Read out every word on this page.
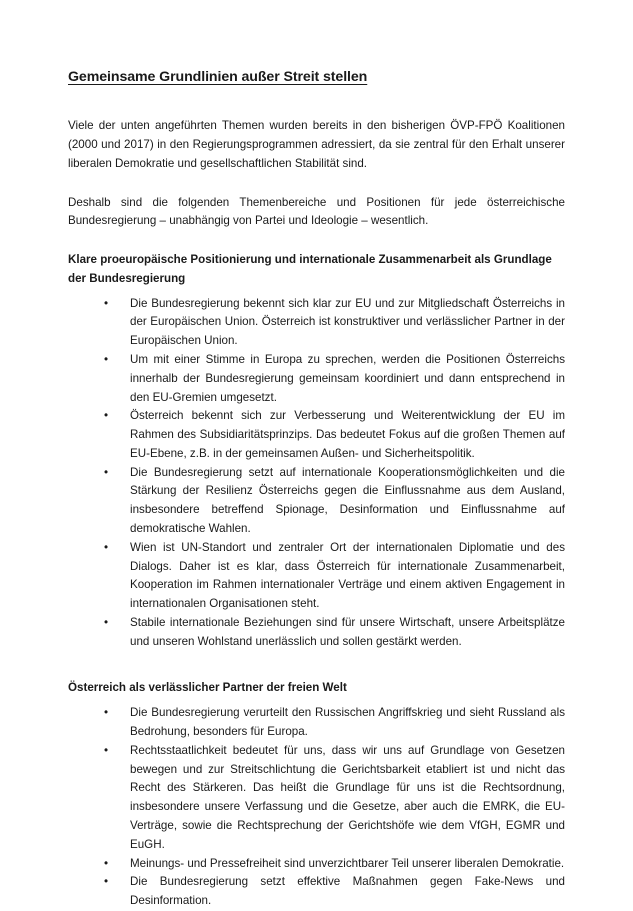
Gemeinsame Grundlinien außer Streit stellen

Viele der unten angeführten Themen wurden bereits in den bisherigen ÖVP-FPÖ Koalitionen (2000 und 2017) in den Regierungsprogrammen adressiert, da sie zentral für den Erhalt unserer liberalen Demokratie und gesellschaftlichen Stabilität sind.

Deshalb sind die folgenden Themenbereiche und Positionen für jede österreichische Bundesregierung – unabhängig von Partei und Ideologie – wesentlich.

Klare proeuropäische Positionierung und internationale Zusammenarbeit als Grundlage der Bundesregierung
• Die Bundesregierung bekennt sich klar zur EU und zur Mitgliedschaft Österreichs in der Europäischen Union. Österreich ist konstruktiver und verlässlicher Partner in der Europäischen Union.
• Um mit einer Stimme in Europa zu sprechen, werden die Positionen Österreichs innerhalb der Bundesregierung gemeinsam koordiniert und dann entsprechend in den EU-Gremien umgesetzt.
• Österreich bekennt sich zur Verbesserung und Weiterentwicklung der EU im Rahmen des Subsidiaritätsprinzips. Das bedeutet Fokus auf die großen Themen auf EU-Ebene, z.B. in der gemeinsamen Außen- und Sicherheitspolitik.
• Die Bundesregierung setzt auf internationale Kooperationsmöglichkeiten und die Stärkung der Resilienz Österreichs gegen die Einflussnahme aus dem Ausland, insbesondere betreffend Spionage, Desinformation und Einflussnahme auf demokratische Wahlen.
• Wien ist UN-Standort und zentraler Ort der internationalen Diplomatie und des Dialogs. Daher ist es klar, dass Österreich für internationale Zusammenarbeit, Kooperation im Rahmen internationaler Verträge und einem aktiven Engagement in internationalen Organisationen steht.
• Stabile internationale Beziehungen sind für unsere Wirtschaft, unsere Arbeitsplätze und unseren Wohlstand unerlässlich und sollen gestärkt werden.
Österreich als verlässlicher Partner der freien Welt
• Die Bundesregierung verurteilt den Russischen Angriffskrieg und sieht Russland als Bedrohung, besonders für Europa.
• Rechtsstaatlichkeit bedeutet für uns, dass wir uns auf Grundlage von Gesetzen bewegen und zur Streitschlichtung die Gerichtsbarkeit etabliert ist und nicht das Recht des Stärkeren. Das heißt die Grundlage für uns ist die Rechtsordnung, insbesondere unsere Verfassung und die Gesetze, aber auch die EMRK, die EU-Verträge, sowie die Rechtsprechung der Gerichtshöfe wie dem VfGH, EGMR und EuGH.
• Meinungs- und Pressefreiheit sind unverzichtbarer Teil unserer liberalen Demokratie.
• Die Bundesregierung setzt effektive Maßnahmen gegen Fake-News und Desinformation.
